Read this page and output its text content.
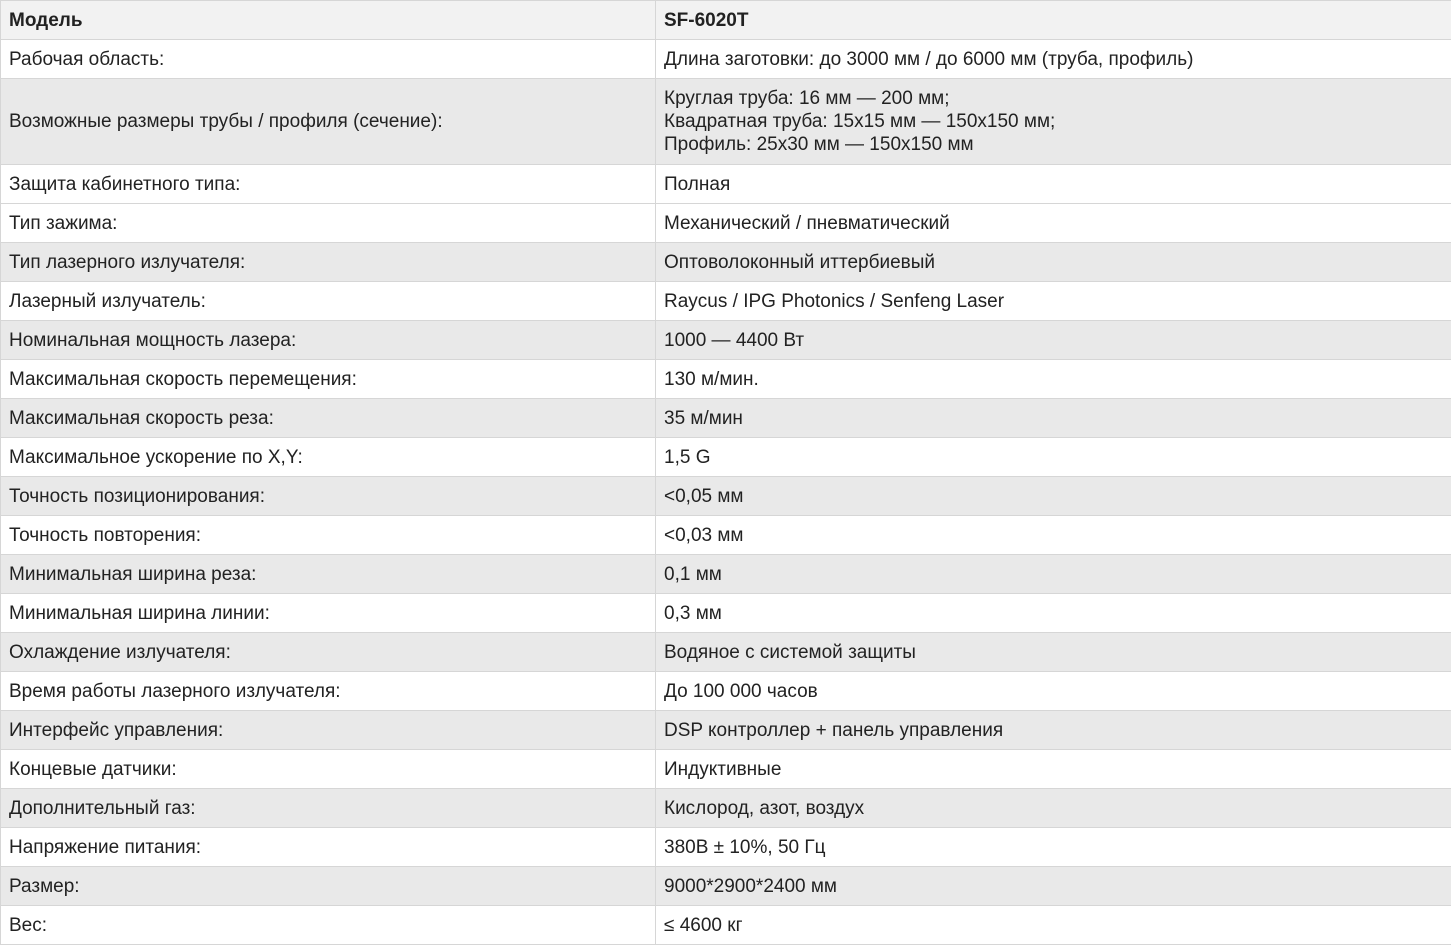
Модель	SF-6020T
Рабочая область:	Длина заготовки: до 3000 мм / до 6000 мм (труба, профиль)
Возможные размеры трубы / профиля (сечение):	Круглая труба: 16 мм — 200 мм;
Квадратная труба: 15х15 мм — 150х150 мм;
Профиль: 25х30 мм — 150х150 мм

Защита кабинетного типа:	Полная
Тип зажима:	Механический / пневматический
Тип лазерного излучателя:	Оптоволоконный иттербиевый
Лазерный излучатель:	Raycus / IPG Photonics / Senfeng Laser
Номинальная мощность лазера:	1000 — 4400 Вт
Максимальная скорость перемещения:	130 м/мин.
Максимальная скорость реза:	35 м/мин
Максимальное ускорение по X,Y:	1,5 G
Точность позиционирования:	<0,05 мм
Точность повторения:	<0,03 мм
Минимальная ширина реза:	0,1 мм
Минимальная ширина линии:	0,3 мм
Охлаждение излучателя:	Водяное с системой защиты
Время работы лазерного излучателя:	До 100 000 часов
Интерфейс управления:	DSP контроллер + панель управления
Концевые датчики:	Индуктивные
Дополнительный газ:	Кислород, азот, воздух
Напряжение питания:	380В ± 10%, 50 Гц
Размер:	9000*2900*2400 мм
Вес:	≤ 4600 кг
